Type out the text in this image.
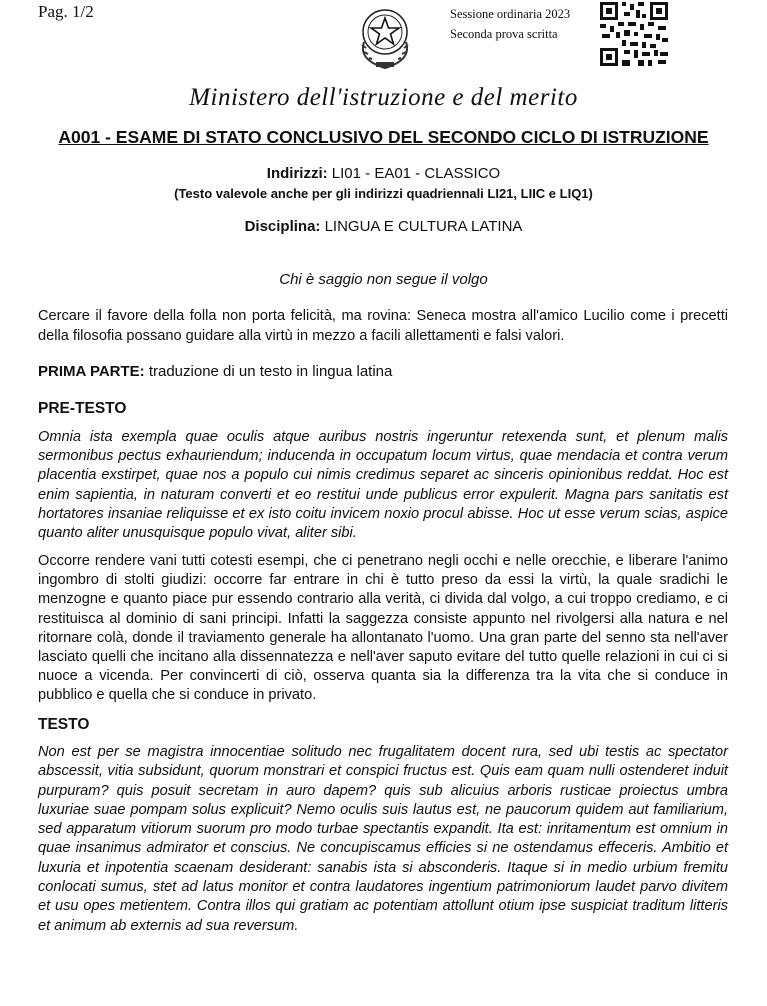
Pag. 1/2	Sessione ordinaria 2023
Seconda prova scritta
Ministero dell'istruzione e del merito
A001 - ESAME DI STATO CONCLUSIVO DEL SECONDO CICLO DI ISTRUZIONE
Indirizzi: LI01 - EA01 - CLASSICO
(Testo valevole anche per gli indirizzi quadriennali LI21, LIIC e LIQ1)
Disciplina: LINGUA E CULTURA LATINA
Chi è saggio non segue il volgo
Cercare il favore della folla non porta felicità, ma rovina: Seneca mostra all'amico Lucilio come i precetti della filosofia possano guidare alla virtù in mezzo a facili allettamenti e falsi valori.
PRIMA PARTE: traduzione di un testo in lingua latina
PRE-TESTO
Omnia ista exempla quae oculis atque auribus nostris ingeruntur retexenda sunt, et plenum malis sermonibus pectus exhauriendum; inducenda in occupatum locum virtus, quae mendacia et contra verum placentia exstirpet, quae nos a populo cui nimis credimus separet ac sinceris opinionibus reddat. Hoc est enim sapientia, in naturam converti et eo restitui unde publicus error expulerit. Magna pars sanitatis est hortatores insaniae reliquisse et ex isto coitu invicem noxio procul abisse. Hoc ut esse verum scias, aspice quanto aliter unusquisque populo vivat, aliter sibi.
Occorre rendere vani tutti cotesti esempi, che ci penetrano negli occhi e nelle orecchie, e liberare l'animo ingombro di stolti giudizi: occorre far entrare in chi è tutto preso da essi la virtù, la quale sradichi le menzogne e quanto piace pur essendo contrario alla verità, ci divida dal volgo, a cui troppo crediamo, e ci restituisca al dominio di sani principi. Infatti la saggezza consiste appunto nel rivolgersi alla natura e nel ritornare colà, donde il traviamento generale ha allontanato l'uomo. Una gran parte del senno sta nell'aver lasciato quelli che incitano alla dissennatezza e nell'aver saputo evitare del tutto quelle relazioni in cui ci si nuoce a vicenda. Per convincerti di ciò, osserva quanta sia la differenza tra la vita che si conduce in pubblico e quella che si conduce in privato.
TESTO
Non est per se magistra innocentiae solitudo nec frugalitatem docent rura, sed ubi testis ac spectator abscessit, vitia subsidunt, quorum monstrari et conspici fructus est. Quis eam quam nulli ostenderet induit purpuram? quis posuit secretam in auro dapem? quis sub alicuius arboris rusticae proiectus umbra luxuriae suae pompam solus explicuit? Nemo oculis suis lautus est, ne paucorum quidem aut familiarium, sed apparatum vitiorum suorum pro modo turbae spectantis expandit. Ita est: inritamentum est omnium in quae insanimus admirator et conscius. Ne concupiscamus efficies si ne ostendamus effeceris. Ambitio et luxuria et inpotentia scaenam desiderant: sanabis ista si absconderis. Itaque si in medio urbium fremitu conlocati sumus, stet ad latus monitor et contra laudatores ingentium patrimoniorum laudet parvo divitem et usu opes metientem. Contra illos qui gratiam ac potentiam attollunt otium ipse suspiciat traditum litteris et animum ab externis ad sua reversum.
